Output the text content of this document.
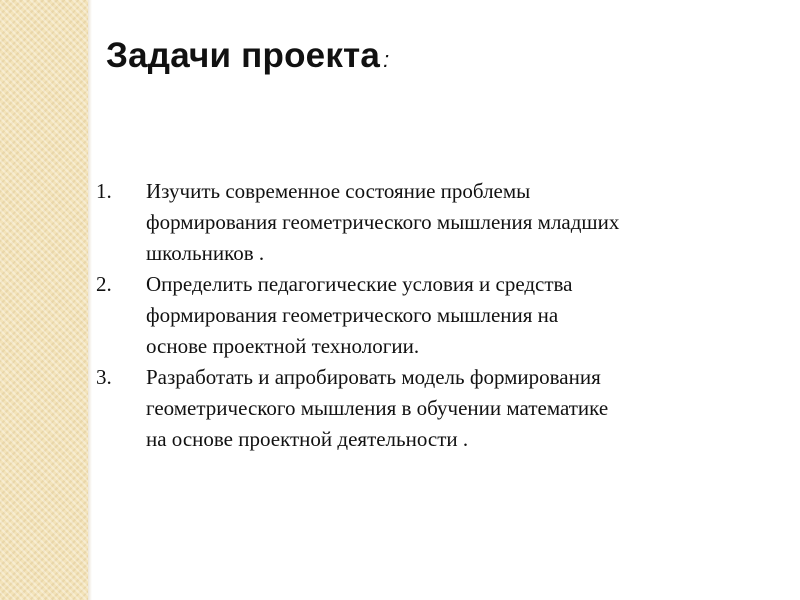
Задачи проекта :
1.	Изучить современное состояние проблемы
формирования геометрического мышления младших
школьников .
2.	Определить педагогические условия и средства
формирования геометрического мышления на
основе проектной технологии.
3.	Разработать и апробировать модель формирования
геометрического мышления в обучении математике
на основе проектной деятельности .
